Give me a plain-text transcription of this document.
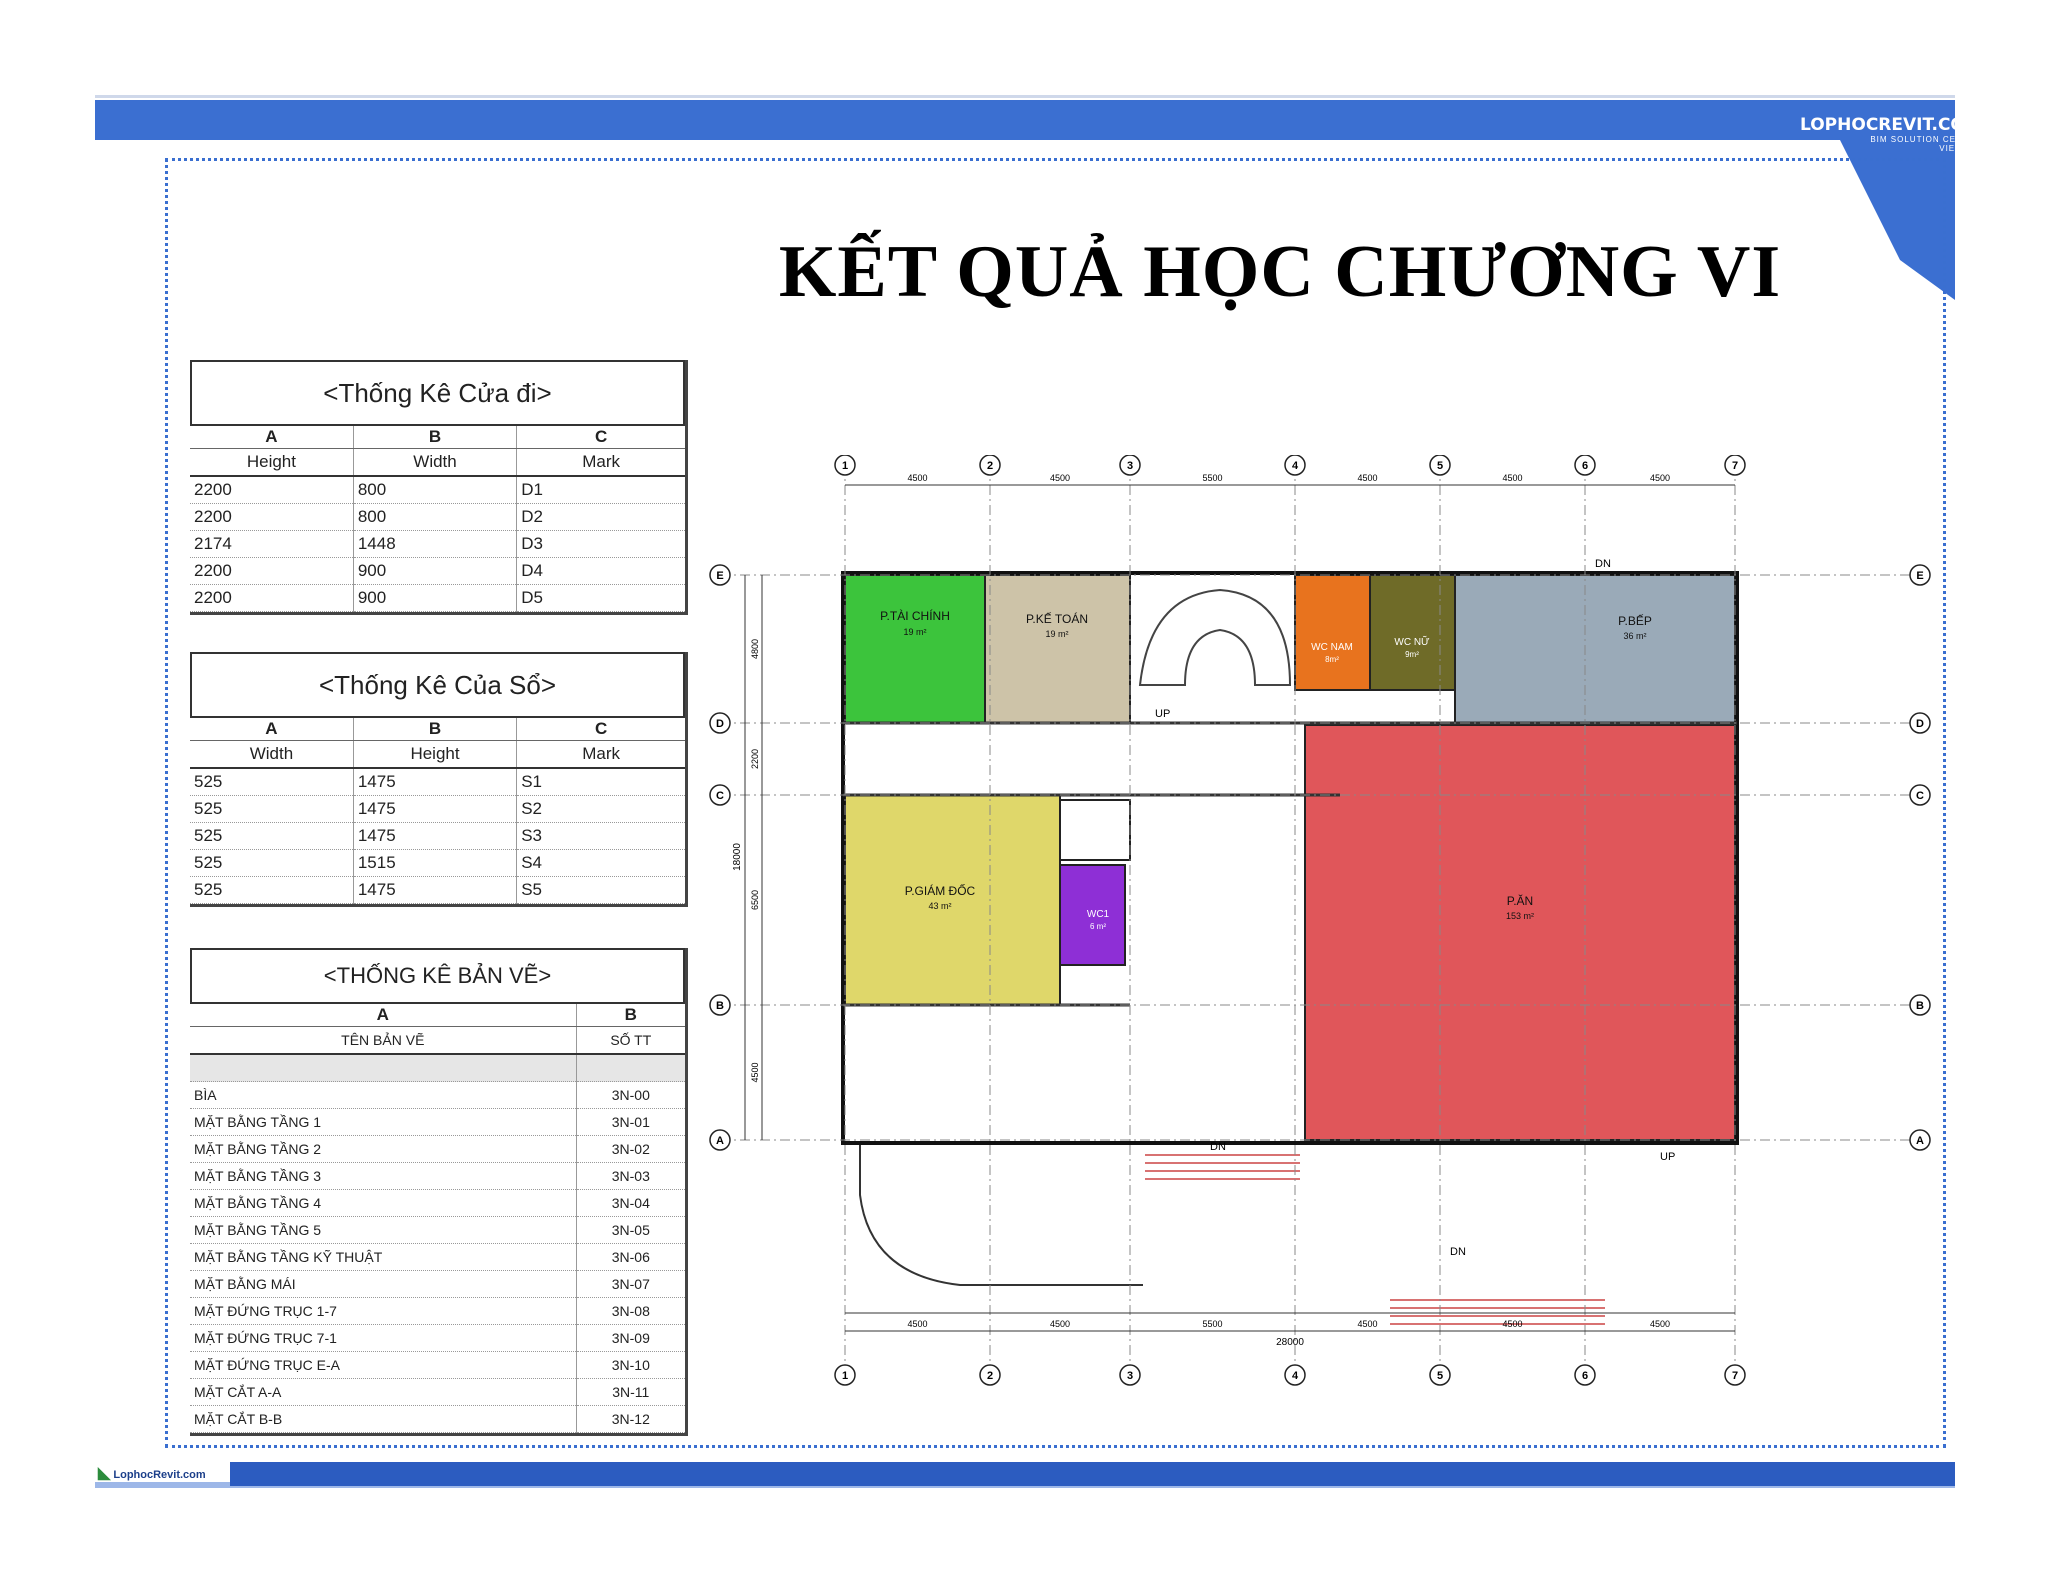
LOPHOCREVIT.COM
BIM SOLUTION CENTER
VIETNAM
KẾT QUẢ HỌC CHƯƠNG VI
<Thống Kê Cửa đi>
A	B	C
Height	Width	Mark
2200	800	D1
2200	800	D2
2174	1448	D3
2200	900	D4
2200	900	D5
<Thống Kê Của Sổ>
A	B	C
Width	Height	Mark
525	1475	S1
525	1475	S2
525	1475	S3
525	1515	S4
525	1475	S5
<THỐNG KÊ BẢN VẼ>
A	B
TÊN BẢN VẼ	SỐ TT

BÌA	3N-00
MẶT BẰNG TẦNG 1	3N-01
MẶT BẰNG TẦNG 2	3N-02
MẶT BẰNG TẦNG 3	3N-03
MẶT BẰNG TẦNG 4	3N-04
MẶT BẰNG TẦNG 5	3N-05
MẶT BẰNG TẦNG KỸ THUẬT	3N-06
MẶT BẰNG MÁI	3N-07
MẶT ĐỨNG TRỤC 1-7	3N-08
MẶT ĐỨNG TRỤC 7-1	3N-09
MẶT ĐỨNG TRỤC E-A	3N-10
MẶT CẮT A-A	3N-11
MẶT CẮT B-B	3N-12
UP
DN
DN
DN
UP
P.TÀI CHÍNH
19 m²
P.KẾ TOÁN
19 m²
WC NAM
8m²
WC NỮ
9m²
P.BẾP
36 m²
P.GIÁM ĐỐC
43 m²
WC1
6 m²
P.ĂN
153 m²
1
1
2
2
3
3
4
4
5
5
6
6
7
7
E	E
D	D
C	C
B	B
A	A
28000
18000
4500
4500
4500
4500
5500
5500
4500
4500
4500
4500
4500
4500
4800
2200
6500
4500
◣ LophocRevit.com
